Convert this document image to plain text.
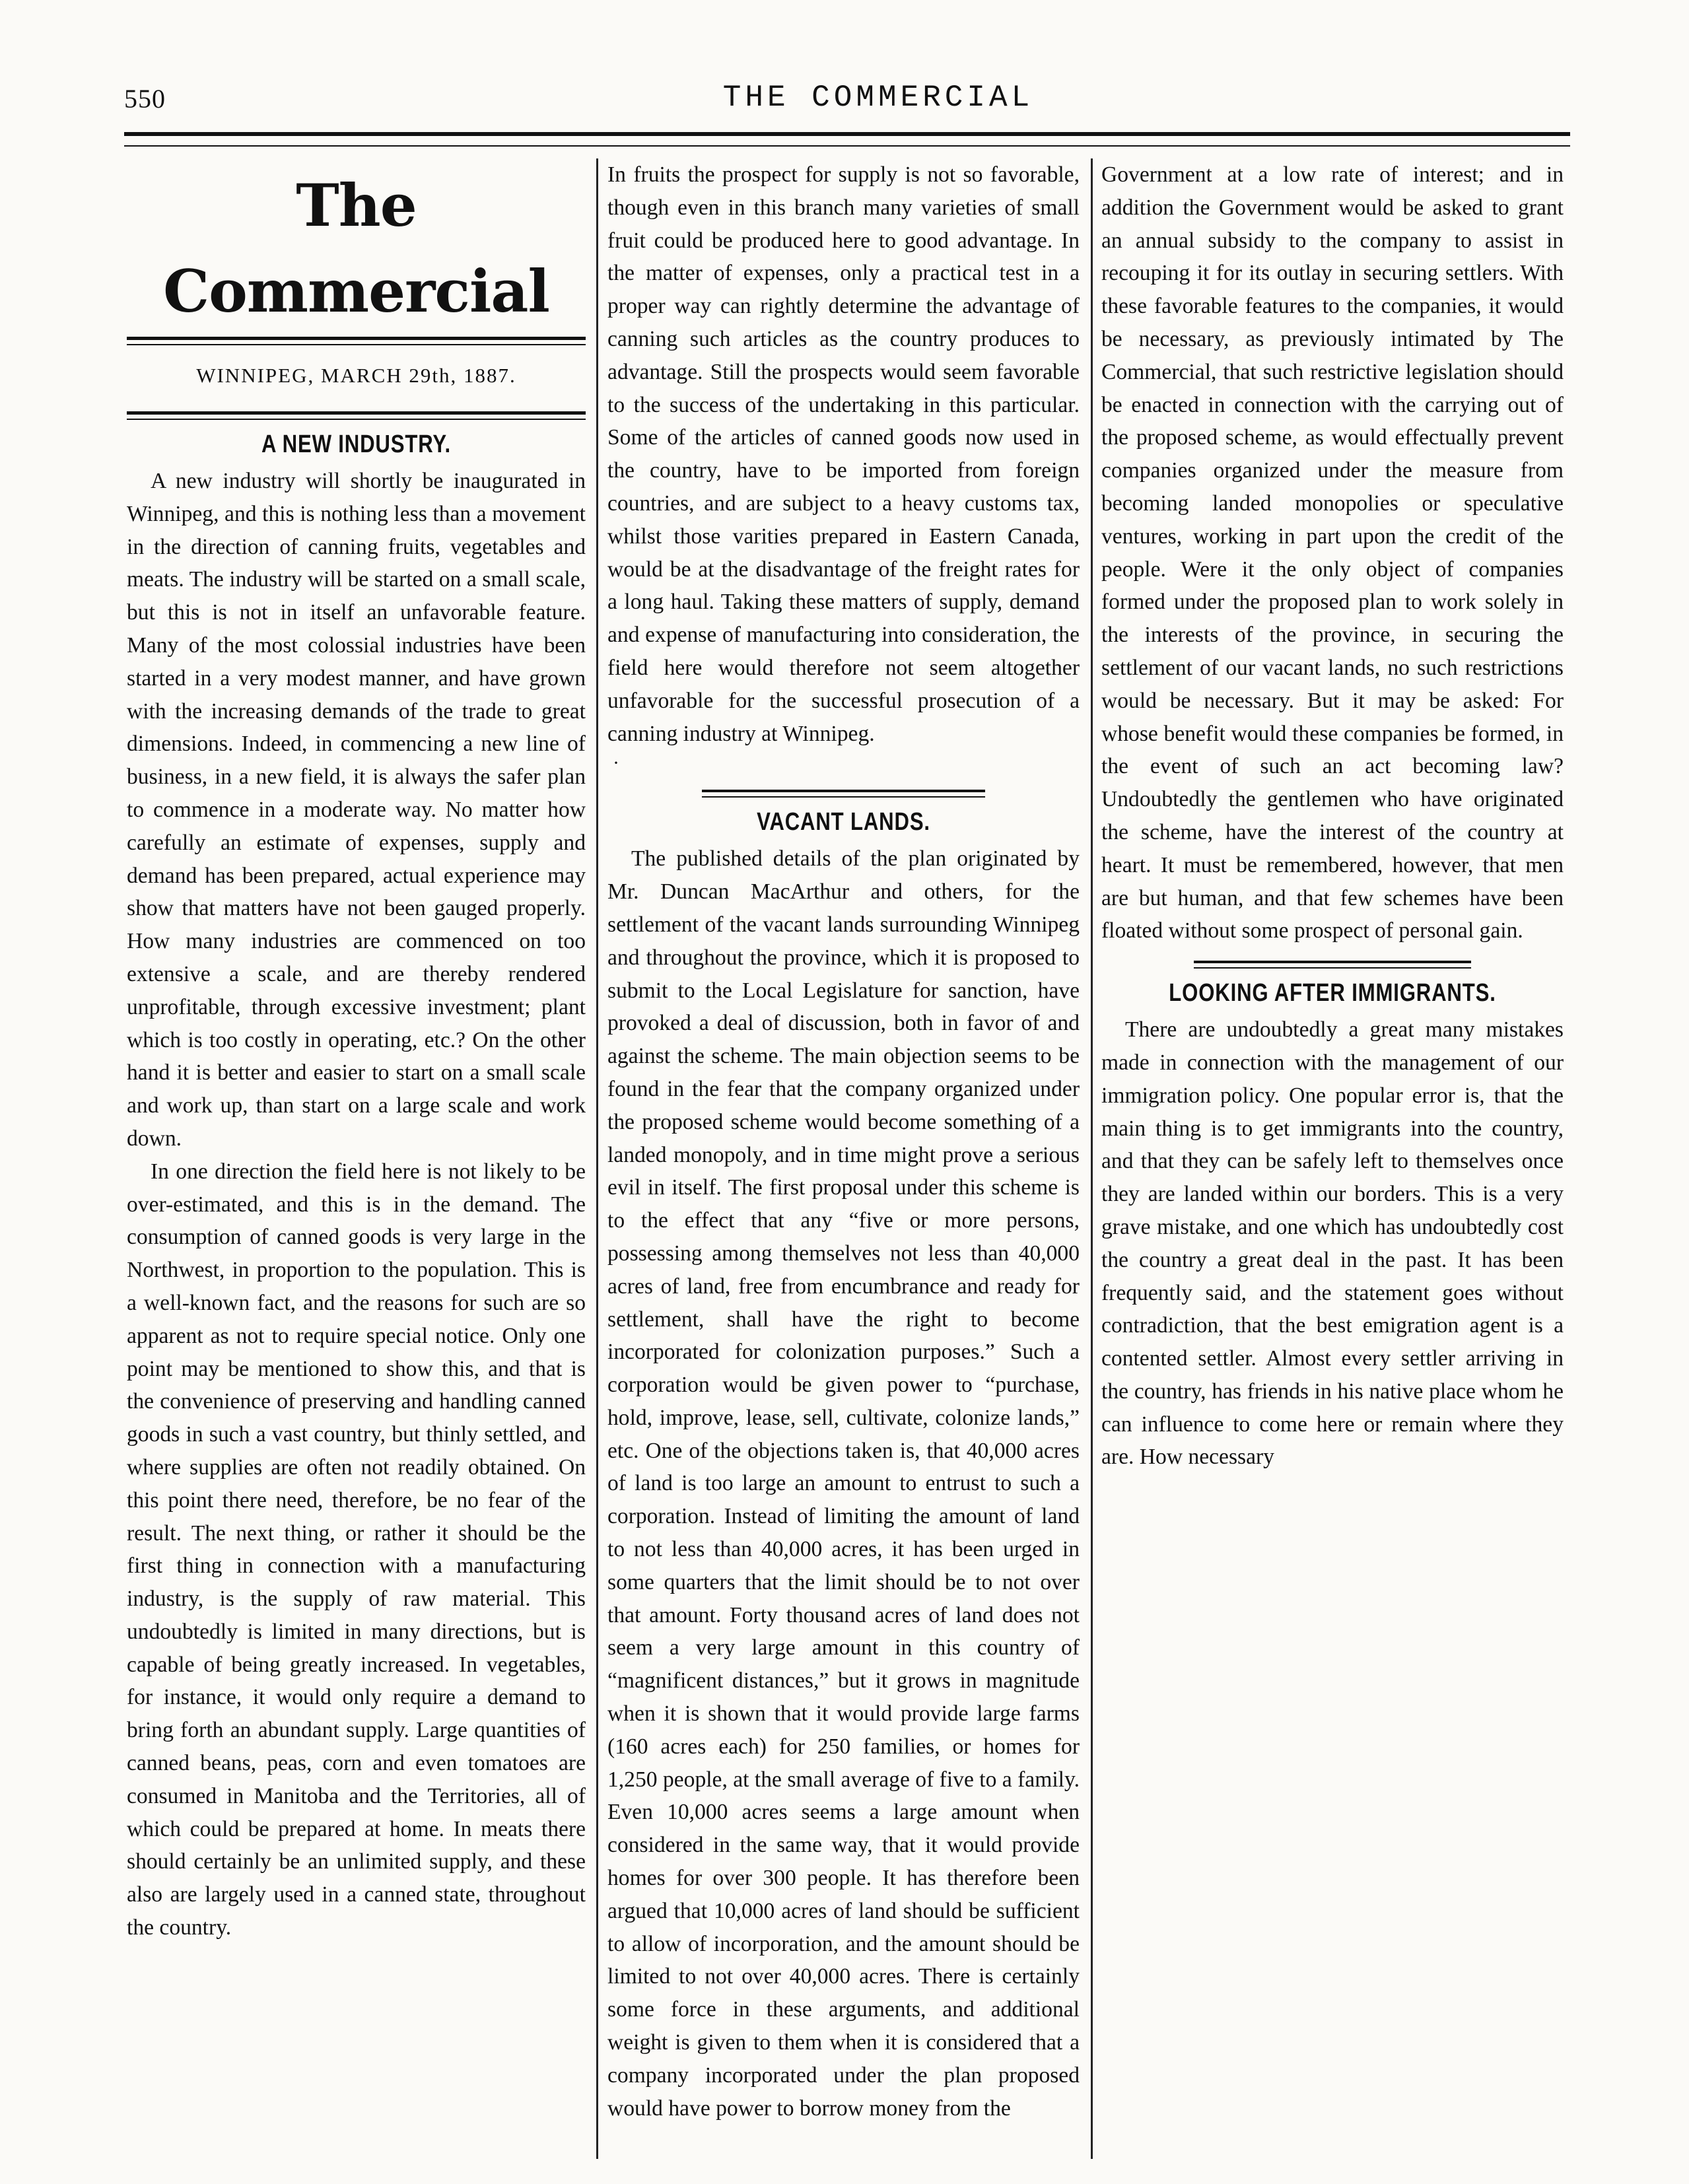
550	THE COMMERCIAL
The Commercial
WINNIPEG, MARCH 29th, 1887.
A NEW INDUSTRY.

A new industry will shortly be inaugurated in Winnipeg, and this is nothing less than a movement in the direction of canning fruits, vegetables and meats. The industry will be started on a small scale, but this is not in itself an unfavorable feature. Many of the most colossial industries have been started in a very modest manner, and have grown with the increasing demands of the trade to great dimensions. Indeed, in commencing a new line of business, in a new field, it is always the safer plan to commence in a moderate way. No matter how carefully an estimate of expenses, supply and demand has been prepared, actual experience may show that matters have not been gauged properly. How many industries are commenced on too extensive a scale, and are thereby rendered unprofitable, through excessive investment; plant which is too costly in operating, etc.? On the other hand it is better and easier to start on a small scale and work up, than start on a large scale and work down.

In one direction the field here is not likely to be over-estimated, and this is in the demand. The consumption of canned goods is very large in the Northwest, in proportion to the population. This is a well-known fact, and the reasons for such are so apparent as not to require special notice. Only one point may be mentioned to show this, and that is the convenience of preserving and handling canned goods in such a vast country, but thinly settled, and where supplies are often not readily obtained. On this point there need, therefore, be no fear of the result. The next thing, or rather it should be the first thing in connection with a manufacturing industry, is the supply of raw material. This undoubtedly is limited in many directions, but is capable of being greatly increased. In vegetables, for instance, it would only require a demand to bring forth an abundant supply. Large quantities of canned beans, peas, corn and even tomatoes are consumed in Manitoba and the Territories, all of which could be prepared at home. In meats there should certainly be an unlimited supply, and these also are largely used in a canned state, throughout the country.

In fruits the prospect for supply is not so favorable, though even in this branch many varieties of small fruit could be produced here to good advantage. In the matter of expenses, only a practical test in a proper way can rightly determine the advantage of canning such articles as the country produces to advantage. Still the prospects would seem favorable to the success of the undertaking in this particular. Some of the articles of canned goods now used in the country, have to be imported from foreign countries, and are subject to a heavy customs tax, whilst those varities prepared in Eastern Canada, would be at the disadvantage of the freight rates for a long haul. Taking these matters of supply, demand and expense of manufacturing into consideration, the field here would therefore not seem altogether unfavorable for the successful prosecution of a canning industry at Winnipeg.

·
VACANT LANDS.

The published details of the plan originated by Mr. Duncan MacArthur and others, for the settlement of the vacant lands surrounding Winnipeg and throughout the province, which it is proposed to submit to the Local Legislature for sanction, have provoked a deal of discussion, both in favor of and against the scheme. The main objection seems to be found in the fear that the company organized under the proposed scheme would become something of a landed monopoly, and in time might prove a serious evil in itself. The first proposal under this scheme is to the effect that any “five or more persons, possessing among themselves not less than 40,000 acres of land, free from encumbrance and ready for settlement, shall have the right to become incorporated for colonization purposes.” Such a corporation would be given power to “purchase, hold, improve, lease, sell, cultivate, colonize lands,” etc. One of the objections taken is, that 40,000 acres of land is too large an amount to entrust to such a corporation. Instead of limiting the amount of land to not less than 40,000 acres, it has been urged in some quarters that the limit should be to not over that amount. Forty thousand acres of land does not seem a very large amount in this country of “magnificent distances,” but it grows in magnitude when it is shown that it would provide large farms (160 acres each) for 250 families, or homes for 1,250 people, at the small average of five to a family. Even 10,000 acres seems a large amount when considered in the same way, that it would provide homes for over 300 people. It has therefore been argued that 10,000 acres of land should be sufficient to allow of incorporation, and the amount should be limited to not over 40,000 acres. There is certainly some force in these arguments, and additional weight is given to them when it is considered that a company incorporated under the plan proposed would have power to borrow money from the

Government at a low rate of interest; and in addition the Government would be asked to grant an annual subsidy to the company to assist in recouping it for its outlay in securing settlers. With these favorable features to the companies, it would be necessary, as previously intimated by The Commercial, that such restrictive legislation should be enacted in connection with the carrying out of the proposed scheme, as would effectually prevent companies organized under the measure from becoming landed monopolies or speculative ventures, working in part upon the credit of the people. Were it the only object of companies formed under the proposed plan to work solely in the interests of the province, in securing the settlement of our vacant lands, no such restrictions would be necessary. But it may be asked: For whose benefit would these companies be formed, in the event of such an act becoming law? Undoubtedly the gentlemen who have originated the scheme, have the interest of the country at heart. It must be remembered, however, that men are but human, and that few schemes have been floated without some prospect of personal gain.

LOOKING AFTER IMMIGRANTS.

There are undoubtedly a great many mistakes made in connection with the management of our immigration policy. One popular error is, that the main thing is to get immigrants into the country, and that they can be safely left to themselves once they are landed within our borders. This is a very grave mistake, and one which has undoubtedly cost the country a great deal in the past. It has been frequently said, and the statement goes without contradiction, that the best emigration agent is a contented settler. Almost every settler arriving in the country, has friends in his native place whom he can influence to come here or remain where they are. How necessary
